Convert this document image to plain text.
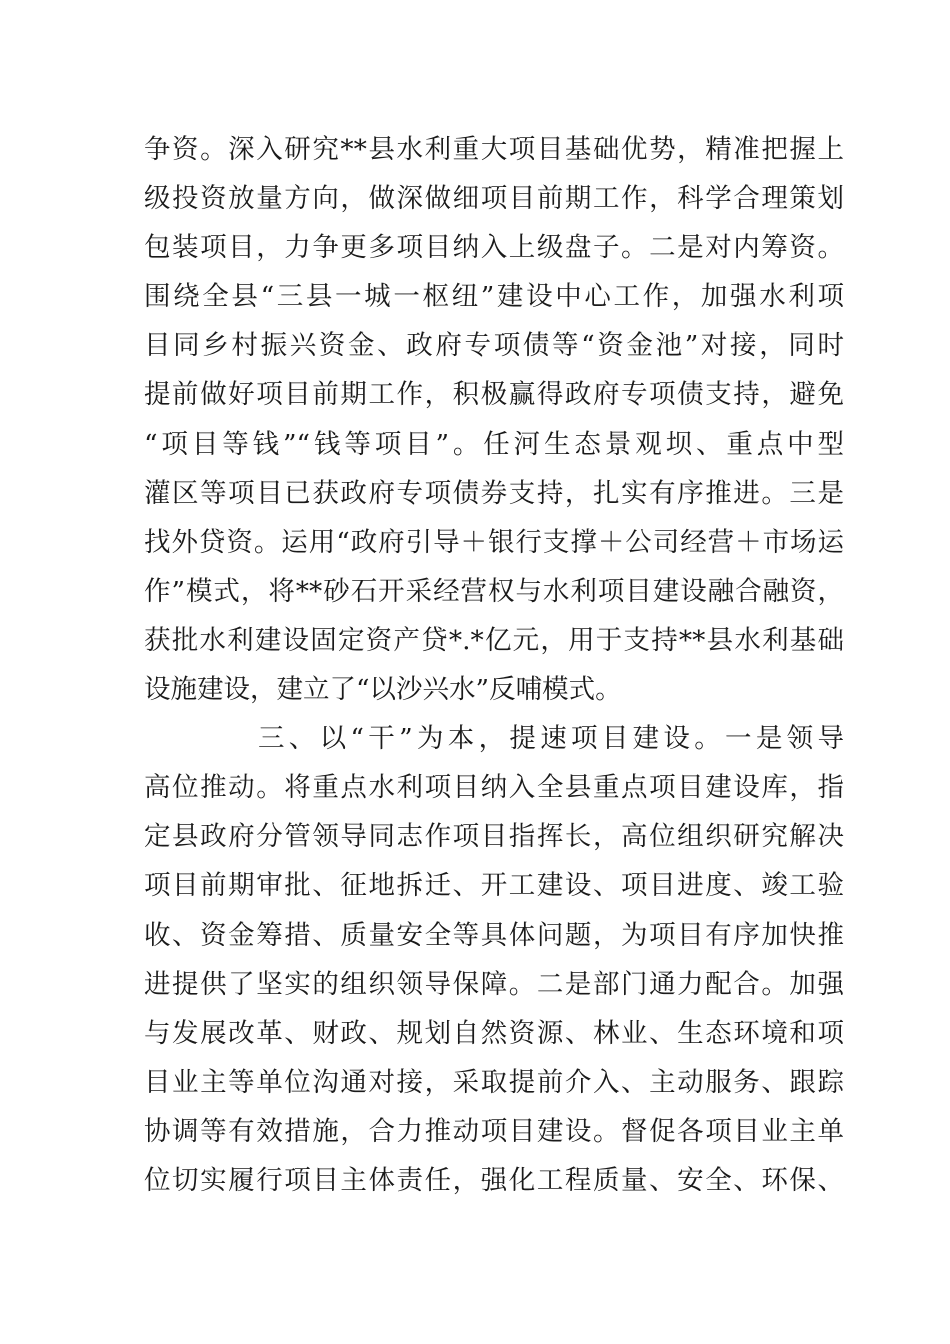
争资。深入研究**县水利重大项目基础优势，精准把握上
级投资放量方向，做深做细项目前期工作，科学合理策划
包装项目，力争更多项目纳入上级盘子。二是对内筹资。
围绕全县“三县一城一枢纽”建设中心工作，加强水利项
目同乡村振兴资金、政府专项债等“资金池”对接，同时
提前做好项目前期工作，积极赢得政府专项债支持，避免
“项目等钱”“钱等项目”。任河生态景观坝、重点中型
灌区等项目已获政府专项债券支持，扎实有序推进。三是
找外贷资。运用“政府引导＋银行支撑＋公司经营＋市场运
作”模式，将**砂石开采经营权与水利项目建设融合融资，
获批水利建设固定资产贷*.*亿元，用于支持**县水利基础
设施建设，建立了“以沙兴水”反哺模式。
三、以“干”为本，提速项目建设。一是领导
高位推动。将重点水利项目纳入全县重点项目建设库，指
定县政府分管领导同志作项目指挥长，高位组织研究解决
项目前期审批、征地拆迁、开工建设、项目进度、竣工验
收、资金筹措、质量安全等具体问题，为项目有序加快推
进提供了坚实的组织领导保障。二是部门通力配合。加强
与发展改革、财政、规划自然资源、林业、生态环境和项
目业主等单位沟通对接，采取提前介入、主动服务、跟踪
协调等有效措施，合力推动项目建设。督促各项目业主单
位切实履行项目主体责任，强化工程质量、安全、环保、
